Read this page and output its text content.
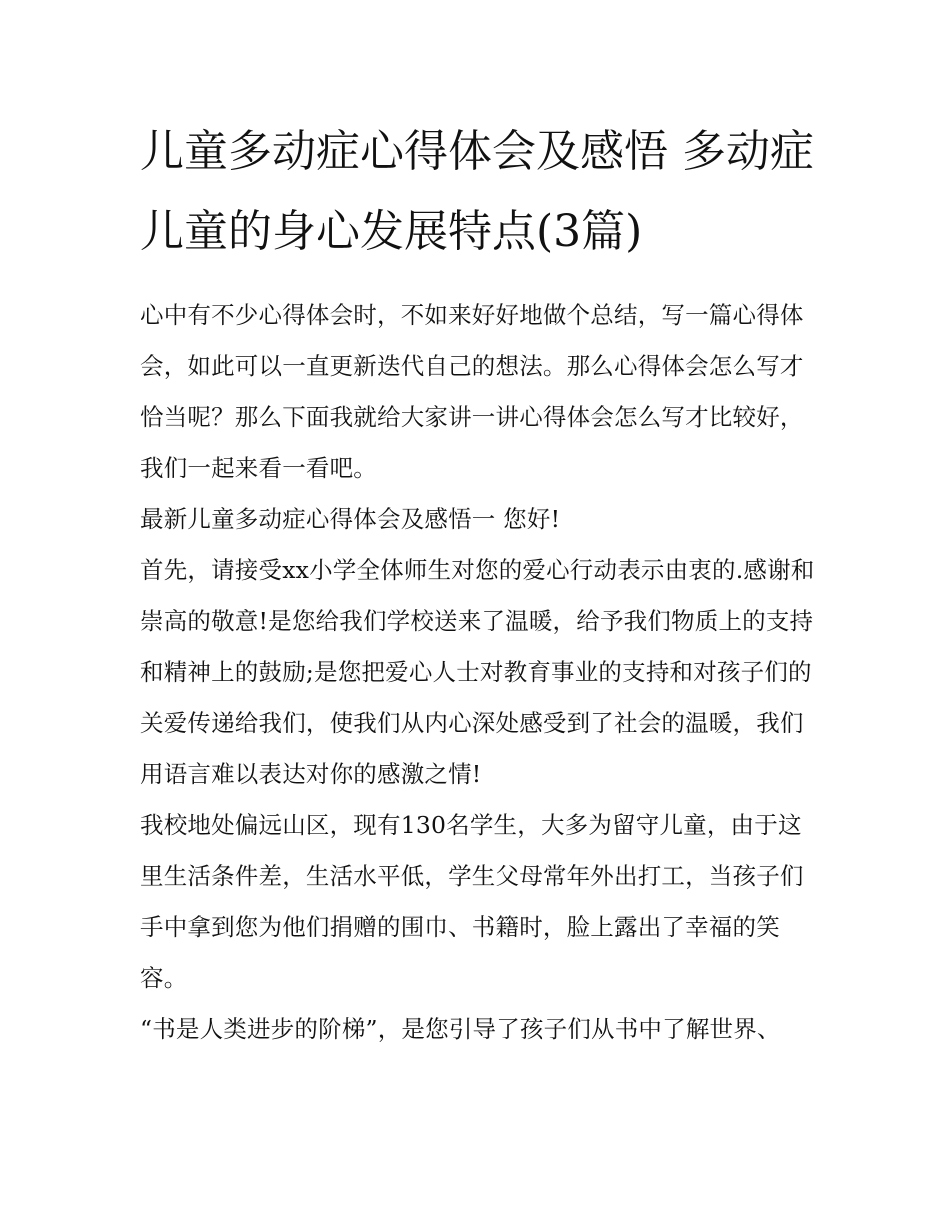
儿童多动症心得体会及感悟 多动症儿童的身心发展特点(3篇)

心中有不少心得体会时，不如来好好地做个总结，写一篇心得体会，如此可以一直更新迭代自己的想法。那么心得体会怎么写才恰当呢？那么下面我就给大家讲一讲心得体会怎么写才比较好，我们一起来看一看吧。

最新儿童多动症心得体会及感悟一 您好!

首先，请接受xx小学全体师生对您的爱心行动表示由衷的.感谢和崇高的敬意!是您给我们学校送来了温暖，给予我们物质上的支持和精神上的鼓励;是您把爱心人士对教育事业的支持和对孩子们的关爱传递给我们，使我们从内心深处感受到了社会的温暖，我们用语言难以表达对你的感激之情!

我校地处偏远山区，现有130名学生，大多为留守儿童，由于这里生活条件差，生活水平低，学生父母常年外出打工，当孩子们手中拿到您为他们捐赠的围巾、书籍时，脸上露出了幸福的笑容。

“书是人类进步的阶梯”，是您引导了孩子们从书中了解世界、
